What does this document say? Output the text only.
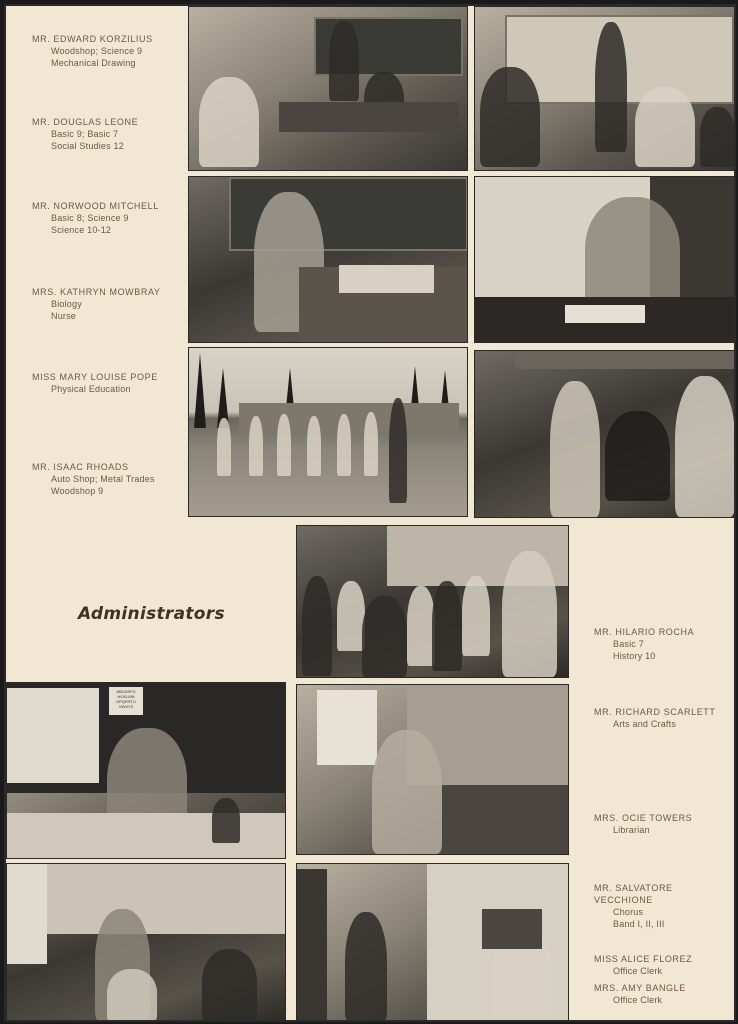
ABCDEFG HIJKLMN OPQRSTU VWXYZ
MR. EDWARD KORZILIUS
Woodshop; Science 9
Mechanical Drawing
MR. DOUGLAS LEONE
Basic 9; Basic 7
Social Studies 12
MR. NORWOOD MITCHELL
Basic 8; Science 9
Science 10-12
MRS. KATHRYN MOWBRAY
Biology
Nurse
MISS MARY LOUISE POPE
Physical Education
MR. ISAAC RHOADS
Auto Shop; Metal Trades
Woodshop 9
Administrators
MR. HILARIO ROCHA
Basic 7
History 10
MR. RICHARD SCARLETT
Arts and Crafts
MRS. OCIE TOWERS
Librarian
MR. SALVATORE VECCHIONE
Chorus
Band I, II, III
MISS ALICE FLOREZ
Office Clerk
MRS. AMY BANGLE
Office Clerk
